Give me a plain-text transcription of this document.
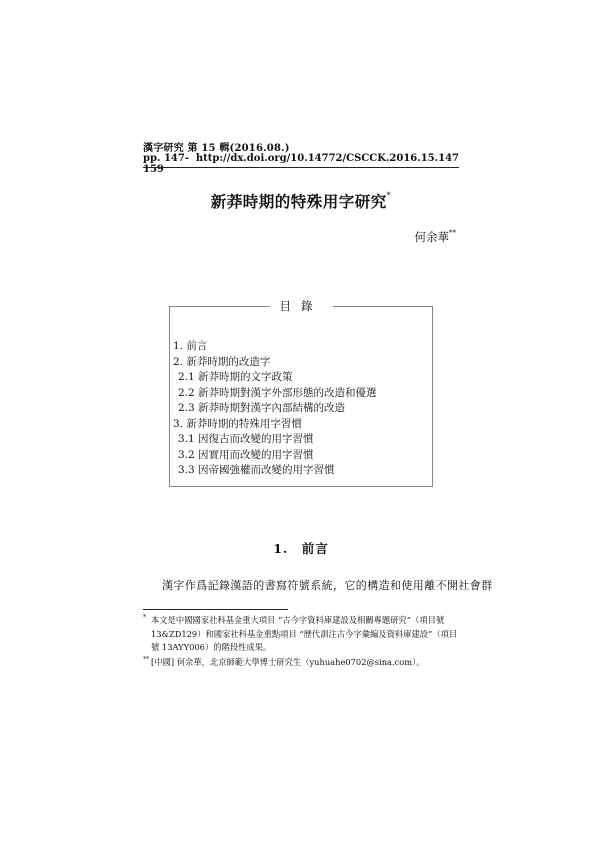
漢字研究 第 15 輯(2016.08.)
pp. 147-159
http://dx.doi.org/10.14772/CSCCK.2016.15.147
新莽時期的特殊用字研究*
何余華**
目錄
1. 前言
2. 新莽時期的改造字
2.1 新莽時期的文字政策
2.2 新莽時期對漢字外部形態的改造和優選
2.3 新莽時期對漢字內部結構的改造
3. 新莽時期的特殊用字習慣
3.1 因復古而改變的用字習慣
3.2 因實用而改變的用字習慣
3.3 因帝國強權而改變的用字習慣
1.　前言
漢字作爲記錄漢語的書寫符號系統，它的構造和使用離不開社會群
* 本文是中國國家社科基金重大項目 “古今字資料庫建設及相關專題研究”（項目號 13&ZD129）和國家社科基金重點項目 “歷代訓注古今字彙編及資料庫建設”（項目號 13AYY006）的階段性成果。
** [中國] 何余華，北京師範大學博士研究生（yuhuahe0702@sina.com）。
